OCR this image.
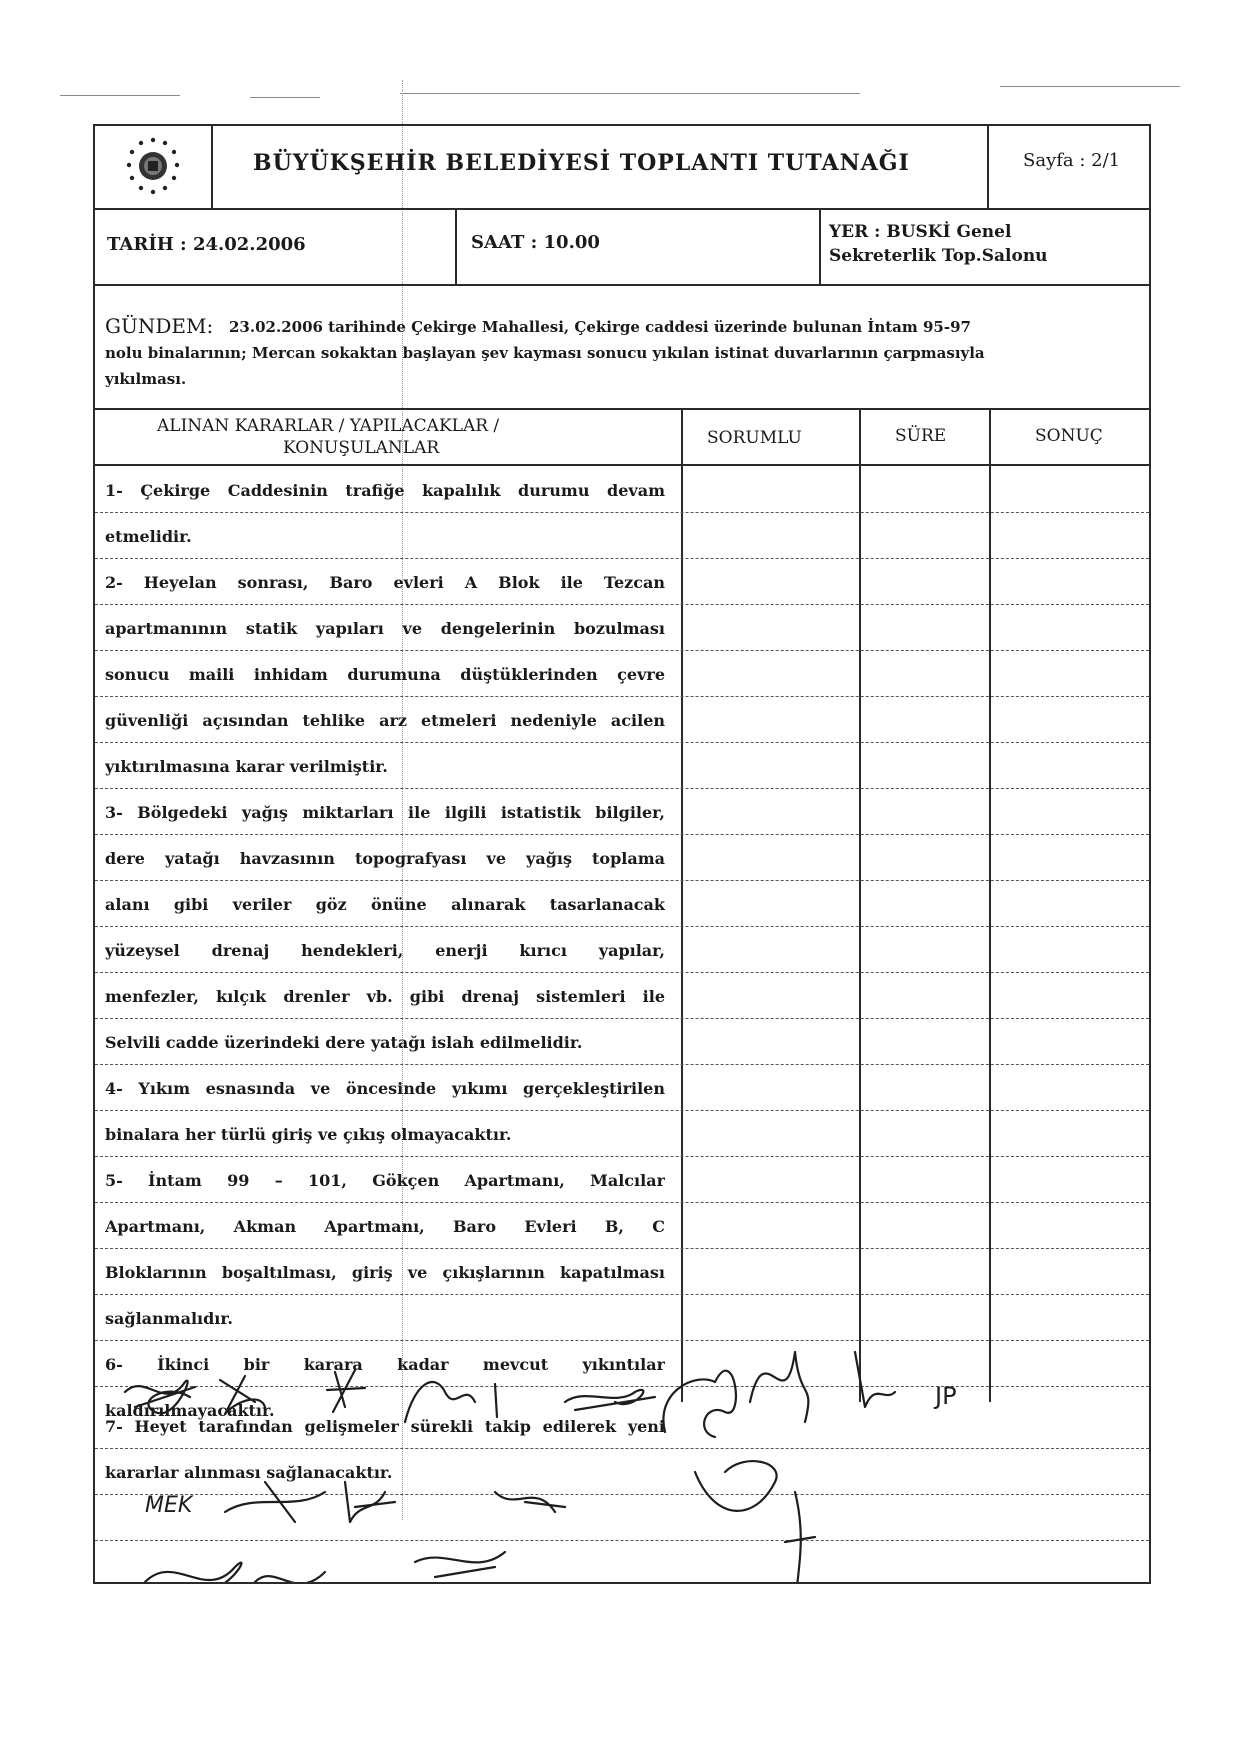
BÜYÜKŞEHİR BELEDİYESİ TOPLANTI TUTANAĞI	Sayfa : 2/1
TARİH : 24.02.2006	SAAT : 10.00	YER : BUSKİ Genel
Sekreterlik Top.Salonu
GÜNDEM: 23.02.2006 tarihinde Çekirge Mahallesi, Çekirge caddesi üzerinde bulunan İntam 95-97
nolu binalarının; Mercan sokaktan başlayan şev kayması sonucu yıkılan istinat duvarlarının çarpmasıyla
yıkılması.
ALINAN KARARLAR / YAPILACAKLAR /
KONUŞULANLAR	SORUMLU	SÜRE	SONUÇ
1- Çekirge Caddesinin trafiğe kapalılık durumu devam
etmelidir.
2- Heyelan sonrası, Baro evleri A Blok ile Tezcan
apartmanının statik yapıları ve dengelerinin bozulması
sonucu maili inhidam durumuna düştüklerinden çevre
güvenliği açısından tehlike arz etmeleri nedeniyle acilen
yıktırılmasına karar verilmiştir.
3- Bölgedeki yağış miktarları ile ilgili istatistik bilgiler,
dere yatağı havzasının topografyası ve yağış toplama
alanı gibi veriler göz önüne alınarak tasarlanacak
yüzeysel drenaj hendekleri, enerji kırıcı yapılar,
menfezler, kılçık drenler vb. gibi drenaj sistemleri ile
Selvili cadde üzerindeki dere yatağı islah edilmelidir.
4- Yıkım esnasında ve öncesinde yıkımı gerçekleştirilen
binalara her türlü giriş ve çıkış olmayacaktır.
5- İntam 99 – 101, Gökçen Apartmanı, Malcılar
Apartmanı, Akman Apartmanı, Baro Evleri B, C
Bloklarının boşaltılması, giriş ve çıkışlarının kapatılması
sağlanmalıdır.
6- İkinci bir karara kadar mevcut yıkıntılar
kaldırılmayacaktır.
7- Heyet tarafından gelişmeler sürekli takip edilerek yeni
kararlar alınması sağlanacaktır.
JP
MEK
